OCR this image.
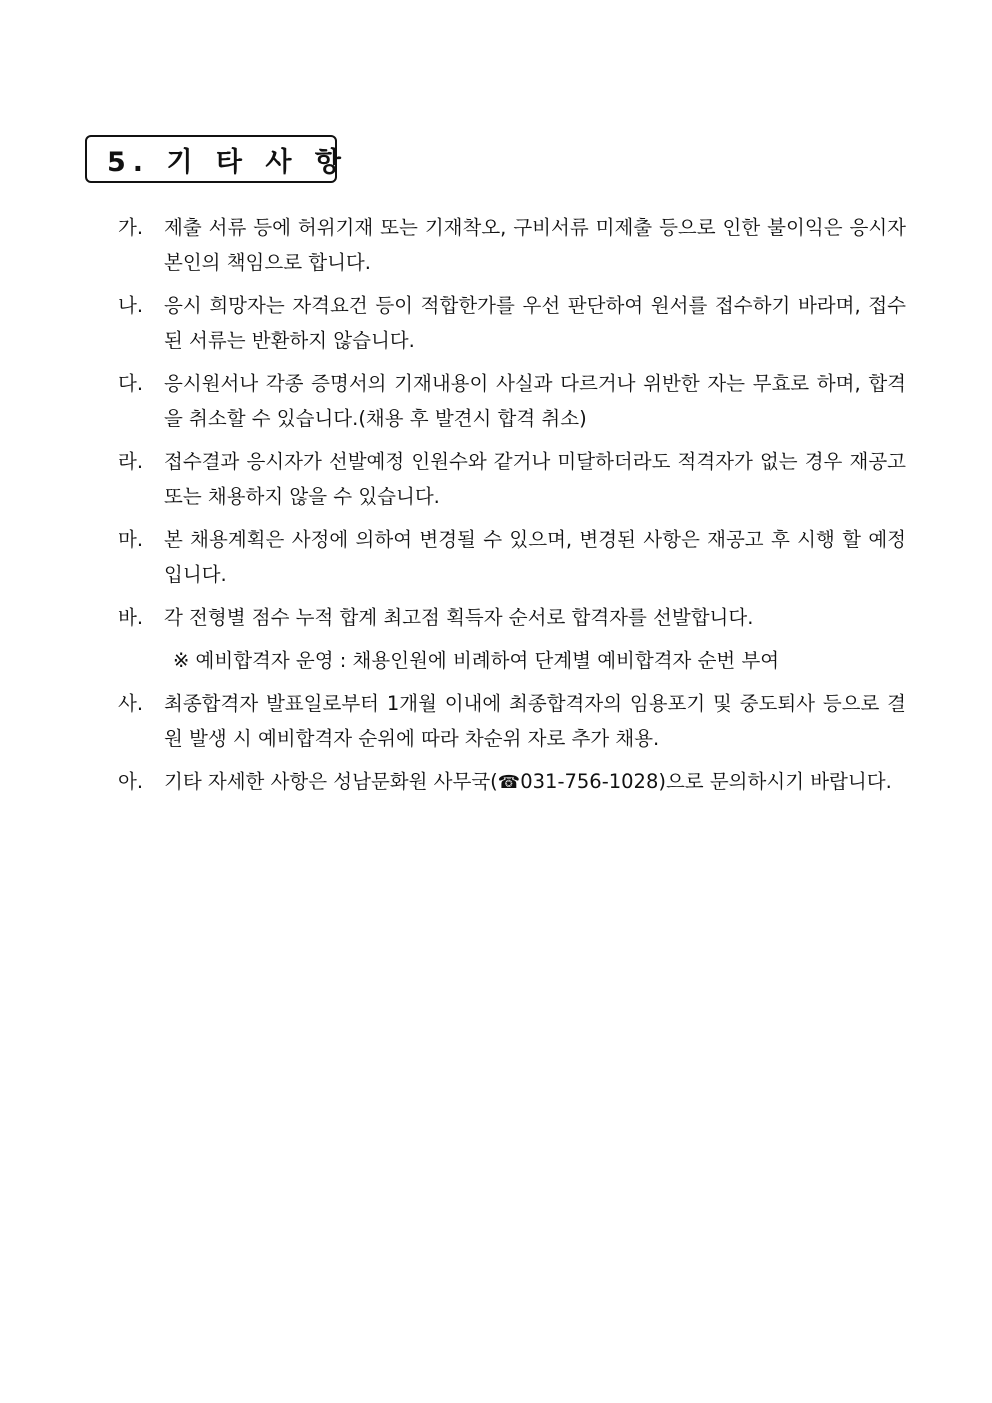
5. 기 타 사 항
가.	제출 서류 등에 허위기재 또는 기재착오, 구비서류 미제출 등으로 인한 불이익은 응시자 본인의 책임으로 합니다.
나.	응시 희망자는 자격요건 등이 적합한가를 우선 판단하여 원서를 접수하기 바라며, 접수된 서류는 반환하지 않습니다.
다.	응시원서나 각종 증명서의 기재내용이 사실과 다르거나 위반한 자는 무효로 하며, 합격을 취소할 수 있습니다.(채용 후 발견시 합격 취소)
라.	접수결과 응시자가 선발예정 인원수와 같거나 미달하더라도 적격자가 없는 경우 재공고 또는 채용하지 않을 수 있습니다.
마.	본 채용계획은 사정에 의하여 변경될 수 있으며, 변경된 사항은 재공고 후 시행 할 예정입니다.
바.	각 전형별 점수 누적 합계 최고점 획득자 순서로 합격자를 선발합니다.
※ 예비합격자 운영 : 채용인원에 비례하여 단계별 예비합격자 순번 부여
사.	최종합격자 발표일로부터 1개월 이내에 최종합격자의 임용포기 및 중도퇴사 등으로 결원 발생 시 예비합격자 순위에 따라 차순위 자로 추가 채용.
아.	기타 자세한 사항은 성남문화원 사무국(☎031-756-1028)으로 문의하시기 바랍니다.
